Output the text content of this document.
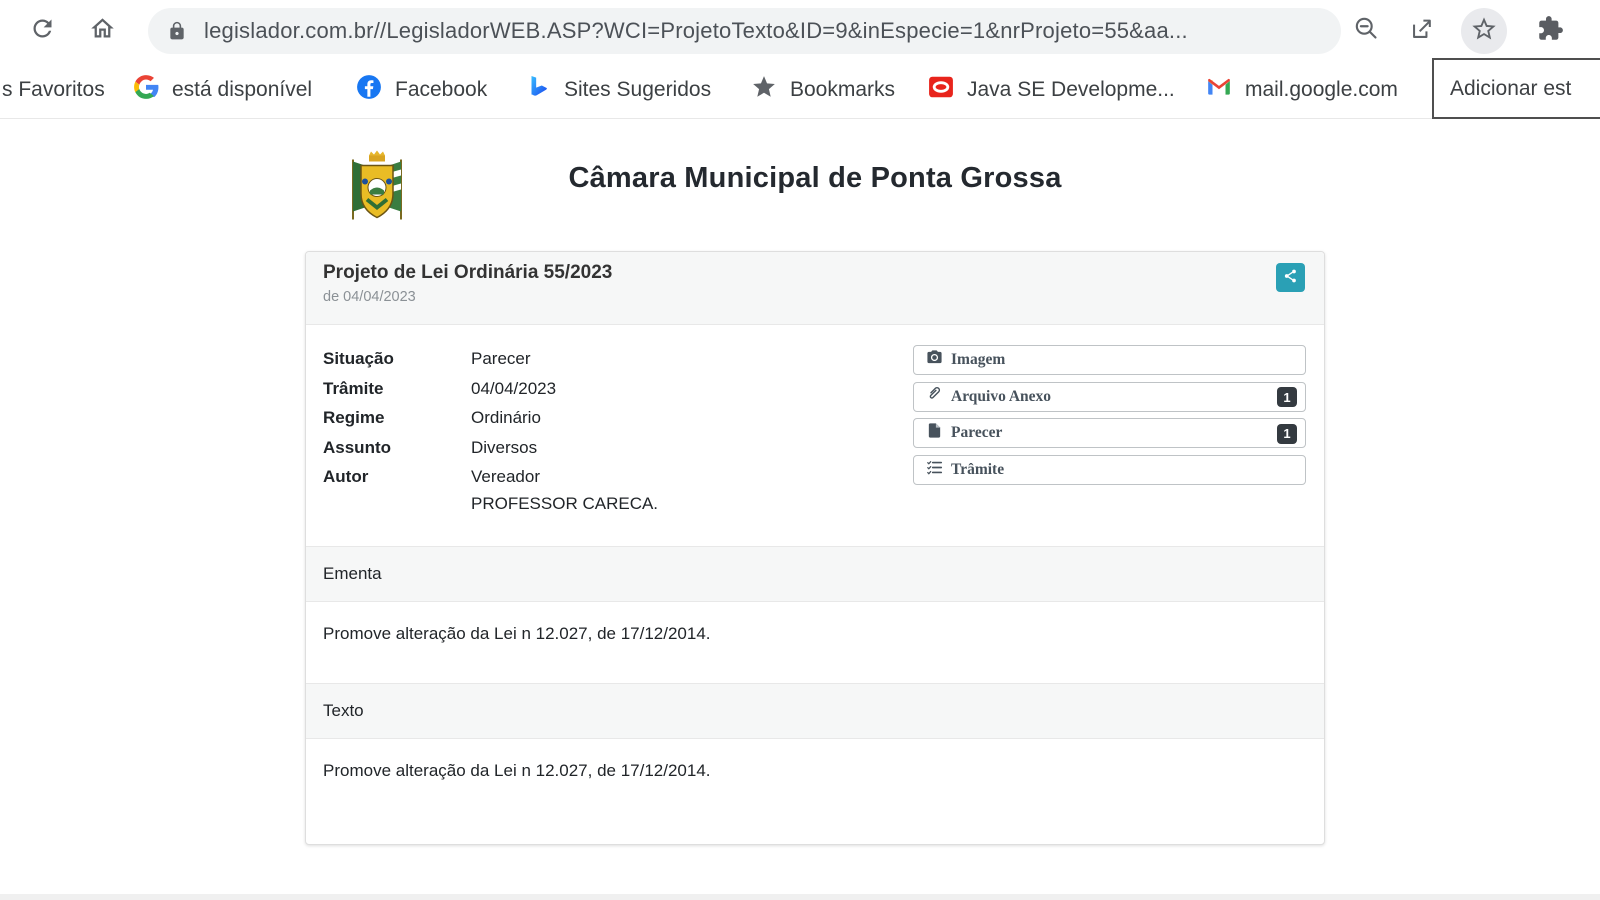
legislador.com.br//LegisladorWEB.ASP?WCI=ProjetoTexto&ID=9&inEspecie=1&nrProjeto=55&aa...
s Favoritos	está disponível	Facebook	Sites Sugeridos	Bookmarks	Java SE Developme...	mail.google.com Adicionar est
Câmara Municipal de Ponta Grossa
Projeto de Lei Ordinária 55/2023
de 04/04/2023
Situação	Parecer
Trâmite	04/04/2023
Regime	Ordinário
Assunto	Diversos
Autor	Vereador
PROFESSOR CARECA.
Imagem
Arquivo Anexo	1
Parecer	1
Trâmite
Ementa
Promove alteração da Lei n 12.027, de 17/12/2014.
Texto
Promove alteração da Lei n 12.027, de 17/12/2014.
